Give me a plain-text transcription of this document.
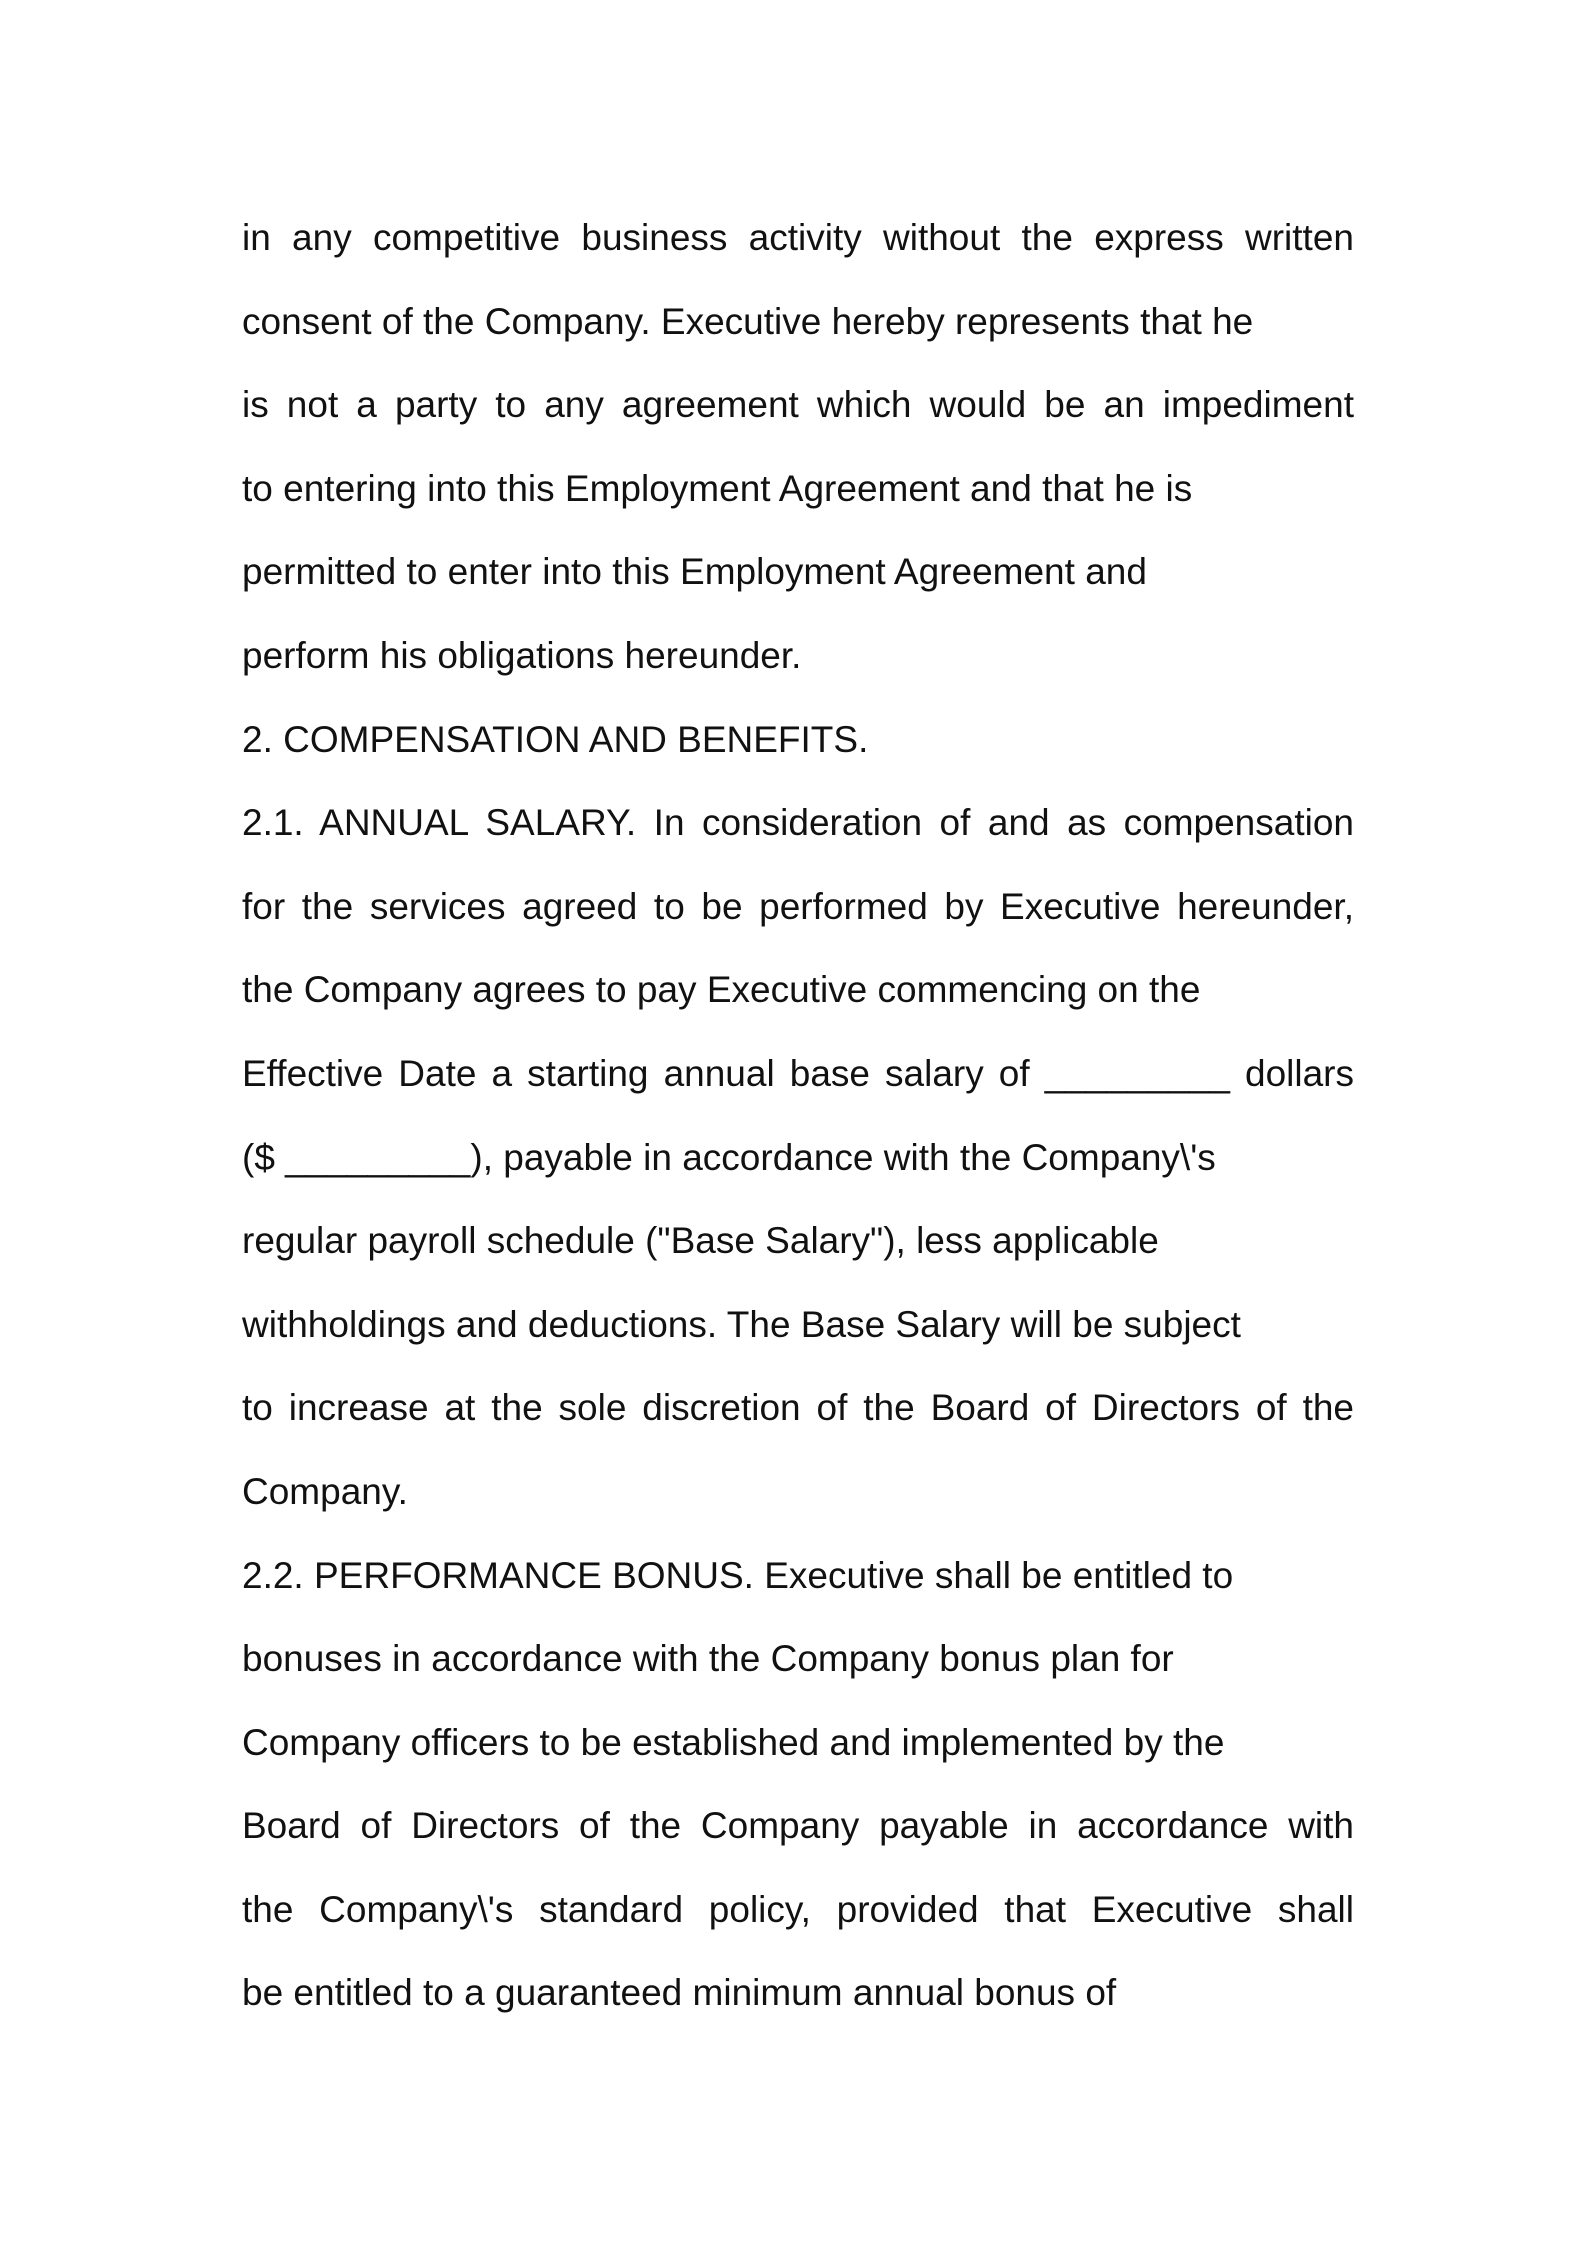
in any competitive business activity without the express written
consent of the Company. Executive hereby represents that he
is not a party to any agreement which would be an impediment
to entering into this Employment Agreement and that he is
permitted to enter into this Employment Agreement and
perform his obligations hereunder.
2. COMPENSATION AND BENEFITS.
2.1. ANNUAL SALARY. In consideration of and as compensation
for the services agreed to be performed by Executive hereunder,
the Company agrees to pay Executive commencing on the
Effective Date a starting annual base salary of _________ dollars
($ _________), payable in accordance with the Company\'s
regular payroll schedule ("Base Salary"), less applicable
withholdings and deductions. The Base Salary will be subject
to increase at the sole discretion of the Board of Directors of the
Company.
2.2. PERFORMANCE BONUS. Executive shall be entitled to
bonuses in accordance with the Company bonus plan for
Company officers to be established and implemented by the
Board of Directors of the Company payable in accordance with
the Company\'s standard policy, provided that Executive shall
be entitled to a guaranteed minimum annual bonus of
